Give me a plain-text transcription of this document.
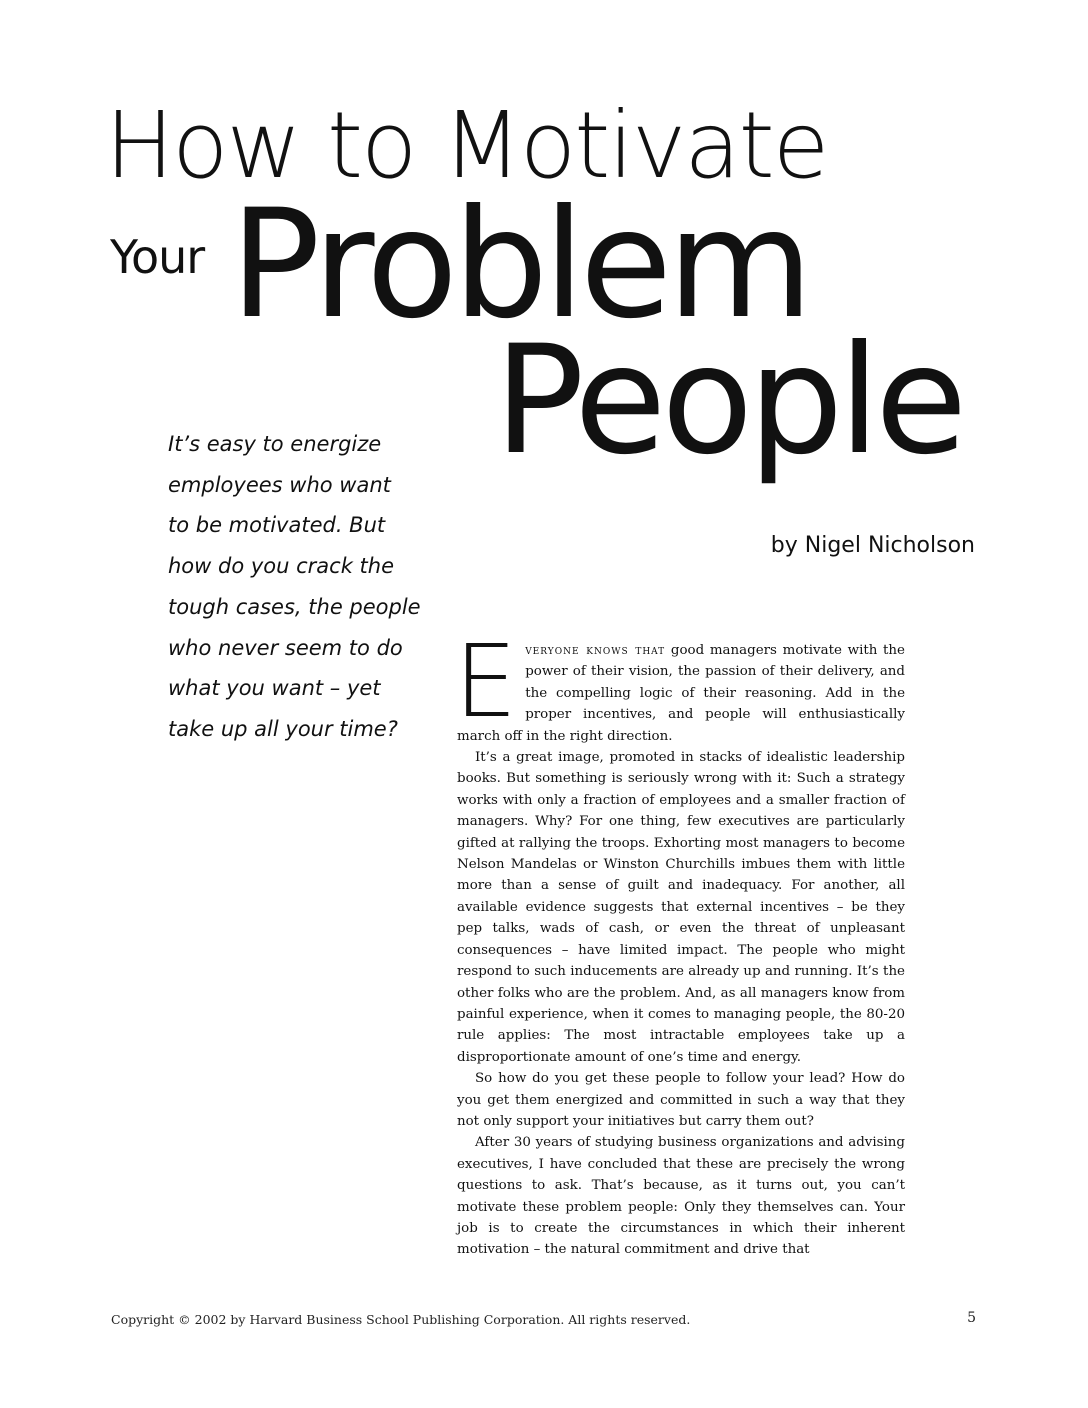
How to Motivate
Your Problem
People
by Nigel Nicholson
It’s easy to energize
employees who want
to be motivated. But
how do you crack the
tough cases, the people
who never seem to do
what you want – yet
take up all your time? Everyone knows that good managers motivate with the power of their vision, the passion of their delivery, and the compelling logic of their reasoning. Add in the proper incentives, and people will enthusiastically march off in the right direction.

It’s a great image, promoted in stacks of idealistic leadership books. But something is seriously wrong with it: Such a strategy works with only a fraction of employees and a smaller fraction of managers. Why? For one thing, few executives are particularly gifted at rallying the troops. Exhorting most managers to become Nelson Mandelas or Winston Churchills imbues them with little more than a sense of guilt and inadequacy. For another, all available evidence suggests that external incentives – be they pep talks, wads of cash, or even the threat of unpleasant consequences – have limited impact. The people who might respond to such inducements are already up and running. It’s the other folks who are the problem. And, as all managers know from painful experience, when it comes to managing people, the 80-20 rule applies: The most intractable employees take up a disproportionate amount of one’s time and energy.

So how do you get these people to follow your lead? How do you get them energized and committed in such a way that they not only support your initiatives but carry them out?

After 30 years of studying business organizations and advising executives, I have concluded that these are precisely the wrong questions to ask. That’s because, as it turns out, you can’t motivate these problem people: Only they themselves can. Your job is to create the circumstances in which their inherent motivation – the natural commitment and drive that

Copyright © 2002 by Harvard Business School Publishing Corporation. All rights reserved.	5
